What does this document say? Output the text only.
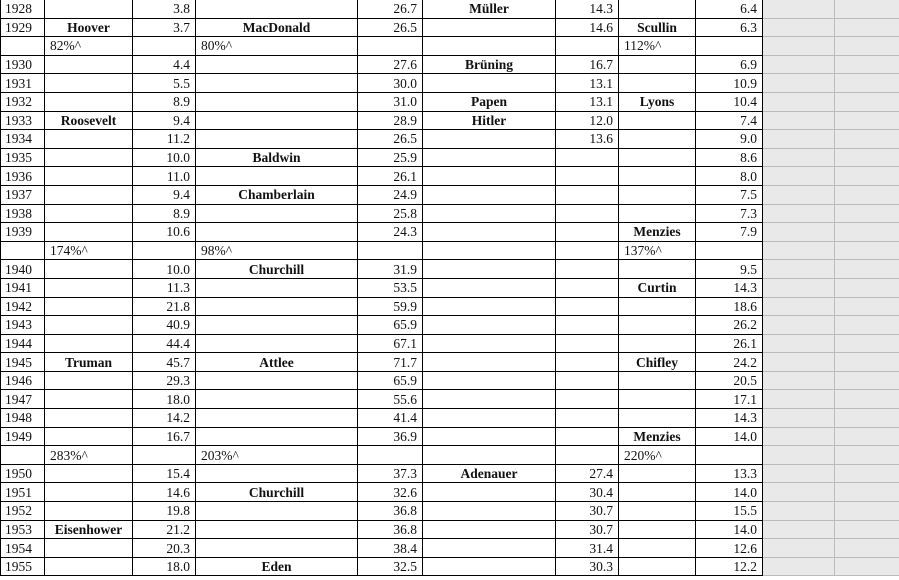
1928		3.8		26.7	Müller	14.3		6.4		
1929	Hoover	3.7	MacDonald	26.5		14.6	Scullin	6.3		
	82%^		80%^				112%^			
1930		4.4		27.6	Brüning	16.7		6.9		
1931		5.5		30.0		13.1		10.9		
1932		8.9		31.0	Papen	13.1	Lyons	10.4		
1933	Roosevelt	9.4		28.9	Hitler	12.0		7.4		
1934		11.2		26.5		13.6		9.0		
1935		10.0	Baldwin	25.9				8.6		
1936		11.0		26.1				8.0		
1937		9.4	Chamberlain	24.9				7.5		
1938		8.9		25.8				7.3		
1939		10.6		24.3			Menzies	7.9		
	174%^		98%^				137%^			
1940		10.0	Churchill	31.9				9.5		
1941		11.3		53.5			Curtin	14.3		
1942		21.8		59.9				18.6		
1943		40.9		65.9				26.2		
1944		44.4		67.1				26.1		
1945	Truman	45.7	Attlee	71.7			Chifley	24.2		
1946		29.3		65.9				20.5		
1947		18.0		55.6				17.1		
1948		14.2		41.4				14.3		
1949		16.7		36.9			Menzies	14.0		
	283%^		203%^				220%^			
1950		15.4		37.3	Adenauer	27.4		13.3		
1951		14.6	Churchill	32.6		30.4		14.0		
1952		19.8		36.8		30.7		15.5		
1953	Eisenhower	21.2		36.8		30.7		14.0		
1954		20.3		38.4		31.4		12.6		
1955		18.0	Eden	32.5		30.3		12.2		
